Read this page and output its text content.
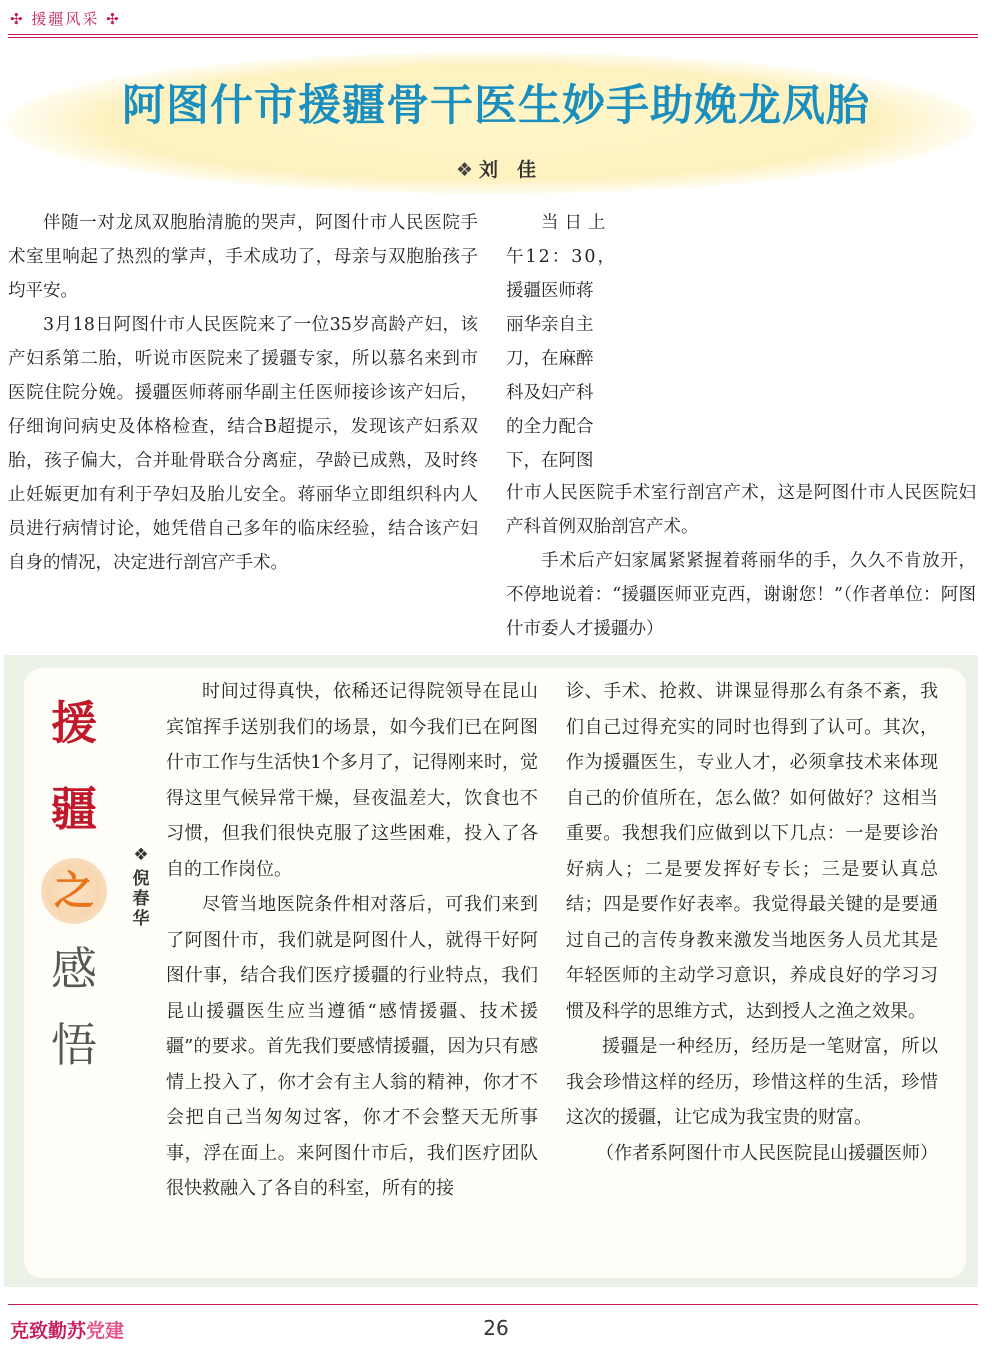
✣ 援疆风采 ✣
阿图什市援疆骨干医生妙手助娩龙凤胎
❖ 刘　佳

伴随一对龙凤双胞胎清脆的哭声，阿图什市人民医院手术室里响起了热烈的掌声，手术成功了，母亲与双胞胎孩子均平安。

3月18日阿图什市人民医院来了一位35岁高龄产妇，该产妇系第二胎，听说市医院来了援疆专家，所以慕名来到市医院住院分娩。援疆医师蒋丽华副主任医师接诊该产妇后，仔细询问病史及体格检查，结合B超提示，发现该产妇系双胎，孩子偏大，合并耻骨联合分离症，孕龄已成熟，及时终止妊娠更加有利于孕妇及胎儿安全。蒋丽华立即组织科内人员进行病情讨论，她凭借自己多年的临床经验，结合该产妇自身的情况，决定进行剖宫产手术。

当日上
午12：30，
援疆医师蒋
丽华亲自主
刀，在麻醉
科及妇产科
的全力配合
下，在阿图

什市人民医院手术室行剖宫产术，这是阿图什市人民医院妇产科首例双胎剖宫产术。

手术后产妇家属紧紧握着蒋丽华的手，久久不肯放开，不停地说着：“援疆医师亚克西，谢谢您！”（作者单位：阿图什市委人才援疆办）

援
疆
之
感
悟
❖
倪
春
华

时间过得真快，依稀还记得院领导在昆山宾馆挥手送别我们的场景，如今我们已在阿图什市工作与生活快1个多月了，记得刚来时，觉得这里气候异常干燥，昼夜温差大，饮食也不习惯，但我们很快克服了这些困难，投入了各自的工作岗位。

尽管当地医院条件相对落后，可我们来到了阿图什市，我们就是阿图什人，就得干好阿图什事，结合我们医疗援疆的行业特点，我们昆山援疆医生应当遵循“感情援疆、技术援疆”的要求。首先我们要感情援疆，因为只有感情上投入了，你才会有主人翁的精神，你才不会把自己当匆匆过客，你才不会整天无所事事，浮在面上。来阿图什市后，我们医疗团队很快救融入了各自的科室，所有的接

诊、手术、抢救、讲课显得那么有条不紊，我们自己过得充实的同时也得到了认可。其次，作为援疆医生，专业人才，必须拿技术来体现自己的价值所在，怎么做？如何做好？这相当重要。我想我们应做到以下几点：一是要诊治好病人；二是要发挥好专长；三是要认真总结；四是要作好表率。我觉得最关键的是要通过自己的言传身教来激发当地医务人员尤其是年轻医师的主动学习意识，养成良好的学习习惯及科学的思维方式，达到授人之渔之效果。

援疆是一种经历，经历是一笔财富，所以我会珍惜这样的经历，珍惜这样的生活，珍惜这次的援疆，让它成为我宝贵的财富。

（作者系阿图什市人民医院昆山援疆医师）

克致勤苏党建	26
